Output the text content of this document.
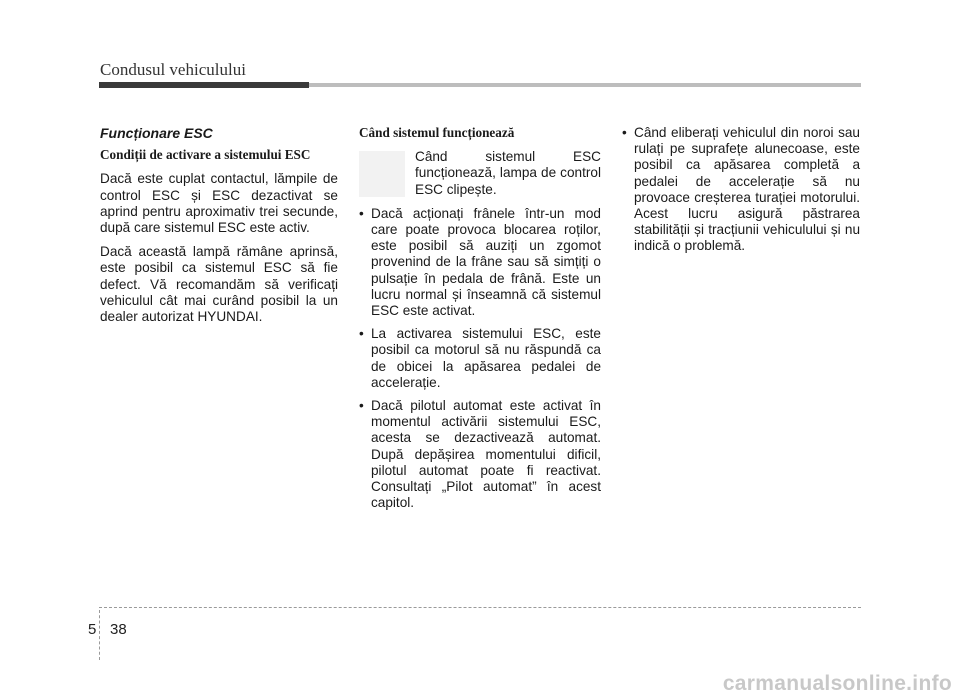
Condusul vehiculului
Funcționare ESC
Condiții de activare a sistemului ESC

Dacă este cuplat contactul, lămpile de control ESC și ESC dezactivat se aprind pentru aproximativ trei secunde, după care sistemul ESC este activ.

Dacă această lampă rămâne aprinsă, este posibil ca sistemul ESC să fie defect. Vă recomandăm să verificați vehiculul cât mai curând posibil la un dealer autorizat HYUNDAI.

Când sistemul funcționează
Când sistemul ESC funcționează, lampa de control ESC clipește.
• Dacă acționați frânele într-un mod care poate provoca blocarea roților, este posibil să auziți un zgomot provenind de la frâne sau să simțiți o pulsație în pedala de frână. Este un lucru normal și înseamnă că sistemul ESC este activat.
• La activarea sistemului ESC, este posibil ca motorul să nu răspundă ca de obicei la apăsarea pedalei de accelerație.
• Dacă pilotul automat este activat în momentul activării sistemului ESC, acesta se dezactivează automat. După depășirea momentului dificil, pilotul automat poate fi reactivat. Consultați „Pilot automat” în acest capitol.
• Când eliberați vehiculul din noroi sau rulați pe suprafețe alunecoase, este posibil ca apăsarea completă a pedalei de accelerație să nu provoace creșterea turației motorului. Acest lucru asigură păstrarea stabilității și tracțiunii vehiculului și nu indică o problemă.
5 38
carmanualsonline.info
